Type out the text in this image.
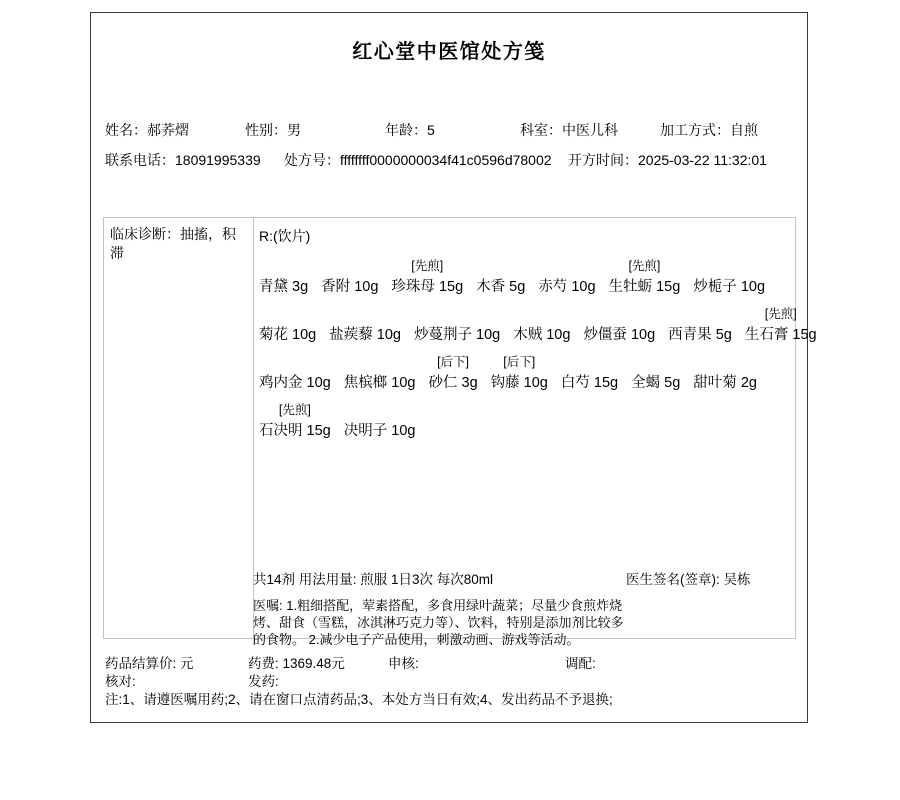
红心堂中医馆处方笺
姓名：郝荞熠	性别：男	年龄：5	科室：中医儿科	加工方式：自煎
联系电话：18091995339 处方号：ffffffff0000000034f41c0596d78002 开方时间：2025-03-22 11:32:01
临床诊断：抽搐，积滞
R:(饮片)
青黛 3g 香附 10g
[先煎]
珍珠母 15g 木香 5g 赤芍 10g
[先煎]
生牡蛎 15g 炒栀子 10g
菊花 10g 盐蒺藜 10g 炒蔓荆子 10g 木贼 10g 炒僵蚕 10g 西青果 5g
[先煎]
生石膏 15g
鸡内金 10g 焦槟榔 10g
[后下]
砂仁 3g
[后下]
钩藤 10g 白芍 15g 全蝎 5g 甜叶菊 2g
[先煎]
石决明 15g 决明子 10g
共14剂 用法用量: 煎服 1日3次 每次80ml	医生签名(签章): 吴栋
医嘱: 1.粗细搭配，荤素搭配，多食用绿叶蔬菜；尽量少食煎炸烧烤、甜食（雪糕，冰淇淋巧克力等）、饮料，特别是添加剂比较多的食物。 2.减少电子产品使用，刺激动画、游戏等活动。
药品结算价: 元	药费: 1369.48元	申核:	调配:
核对:	发药:
注:1、请遵医嘱用药;2、请在窗口点清药品;3、本处方当日有效;4、发出药品不予退换;
